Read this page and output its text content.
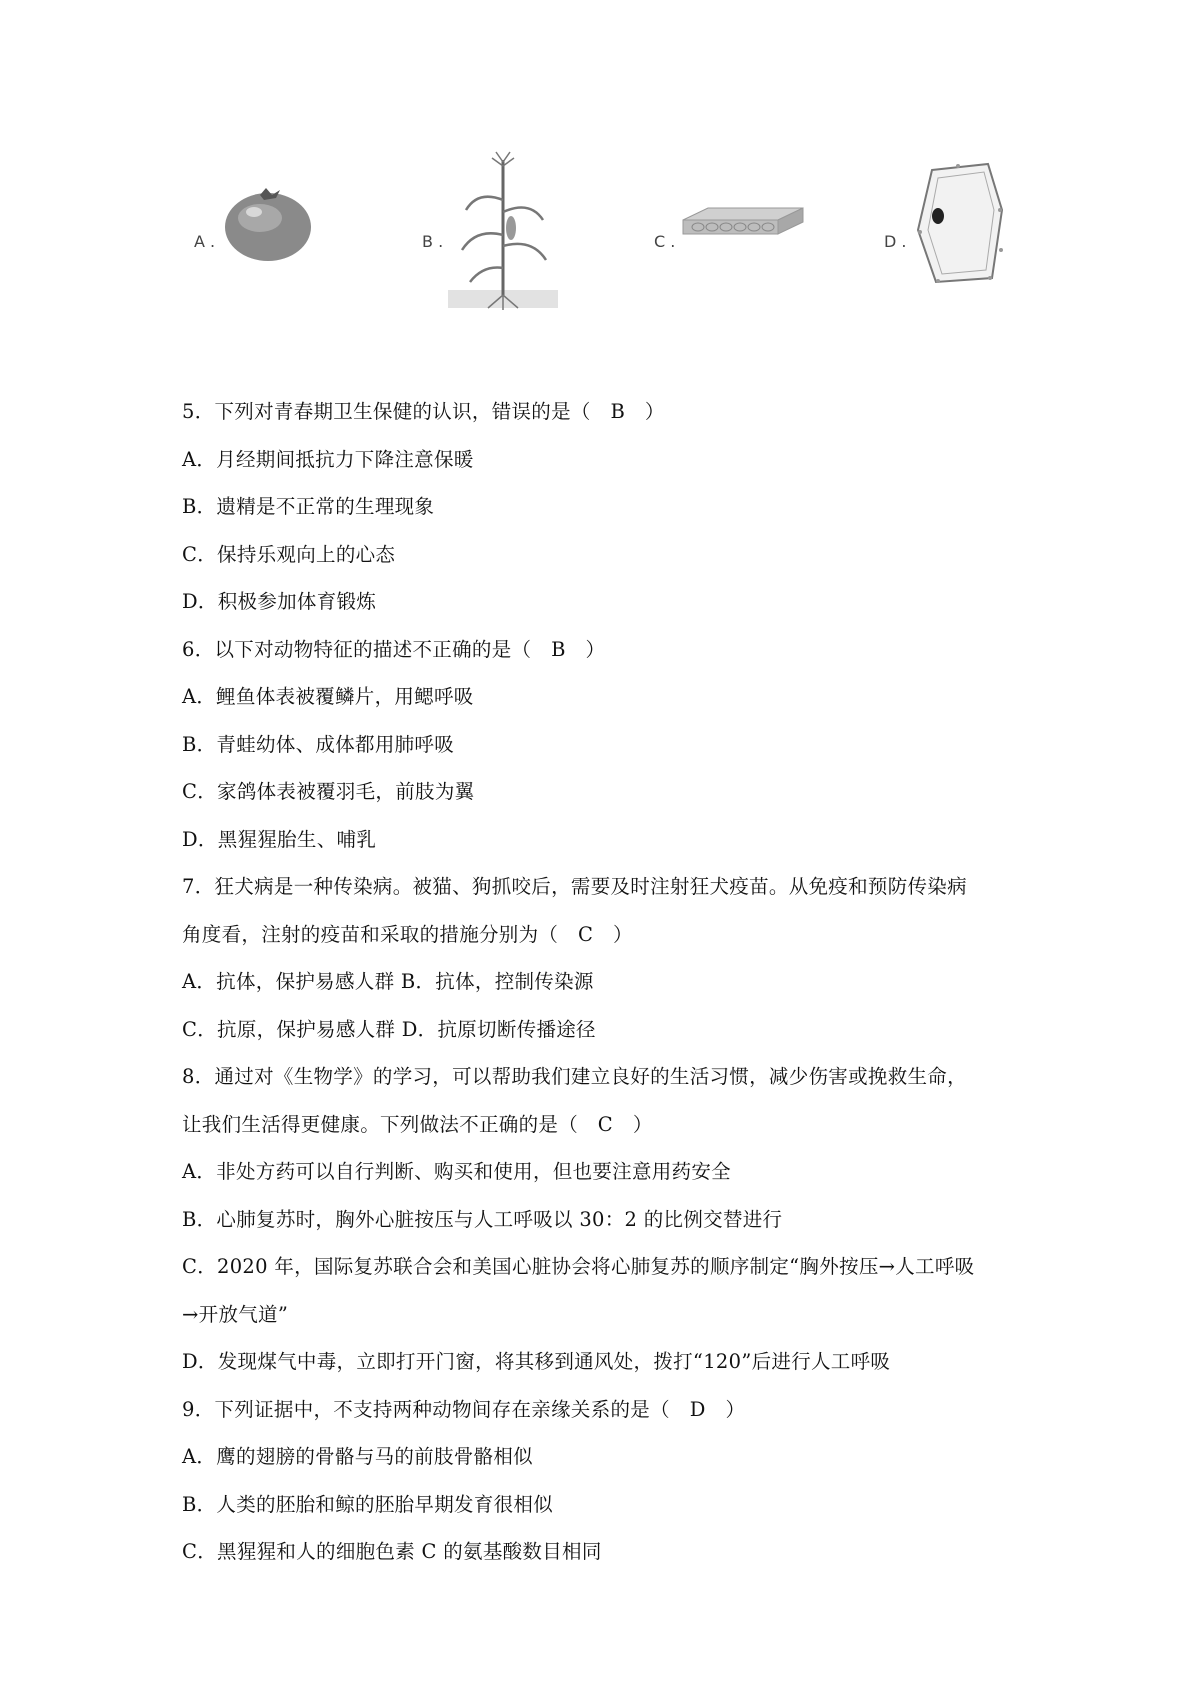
A .	B .	C .	D .
5．下列对青春期卫生保健的认识，错误的是（　B　）
A．月经期间抵抗力下降注意保暖
B．遗精是不正常的生理现象
C．保持乐观向上的心态
D．积极参加体育锻炼
6．以下对动物特征的描述不正确的是（　B　）
A．鲤鱼体表被覆鳞片，用鳃呼吸
B．青蛙幼体、成体都用肺呼吸
C．家鸽体表被覆羽毛，前肢为翼
D．黑猩猩胎生、哺乳
7．狂犬病是一种传染病。被猫、狗抓咬后，需要及时注射狂犬疫苗。从免疫和预防传染病
角度看，注射的疫苗和采取的措施分别为（　C　）
A．抗体，保护易感人群 B．抗体，控制传染源
C．抗原，保护易感人群 D．抗原切断传播途径
8．通过对《生物学》的学习，可以帮助我们建立良好的生活习惯，减少伤害或挽救生命，
让我们生活得更健康。下列做法不正确的是（　C　）
A．非处方药可以自行判断、购买和使用，但也要注意用药安全
B．心肺复苏时，胸外心脏按压与人工呼吸以 30：2 的比例交替进行
C．2020 年，国际复苏联合会和美国心脏协会将心肺复苏的顺序制定“胸外按压→人工呼吸
→开放气道”
D．发现煤气中毒，立即打开门窗，将其移到通风处，拨打“120”后进行人工呼吸
9．下列证据中，不支持两种动物间存在亲缘关系的是（　D　）
A．鹰的翅膀的骨骼与马的前肢骨骼相似
B．人类的胚胎和鲸的胚胎早期发育很相似
C．黑猩猩和人的细胞色素 C 的氨基酸数目相同
